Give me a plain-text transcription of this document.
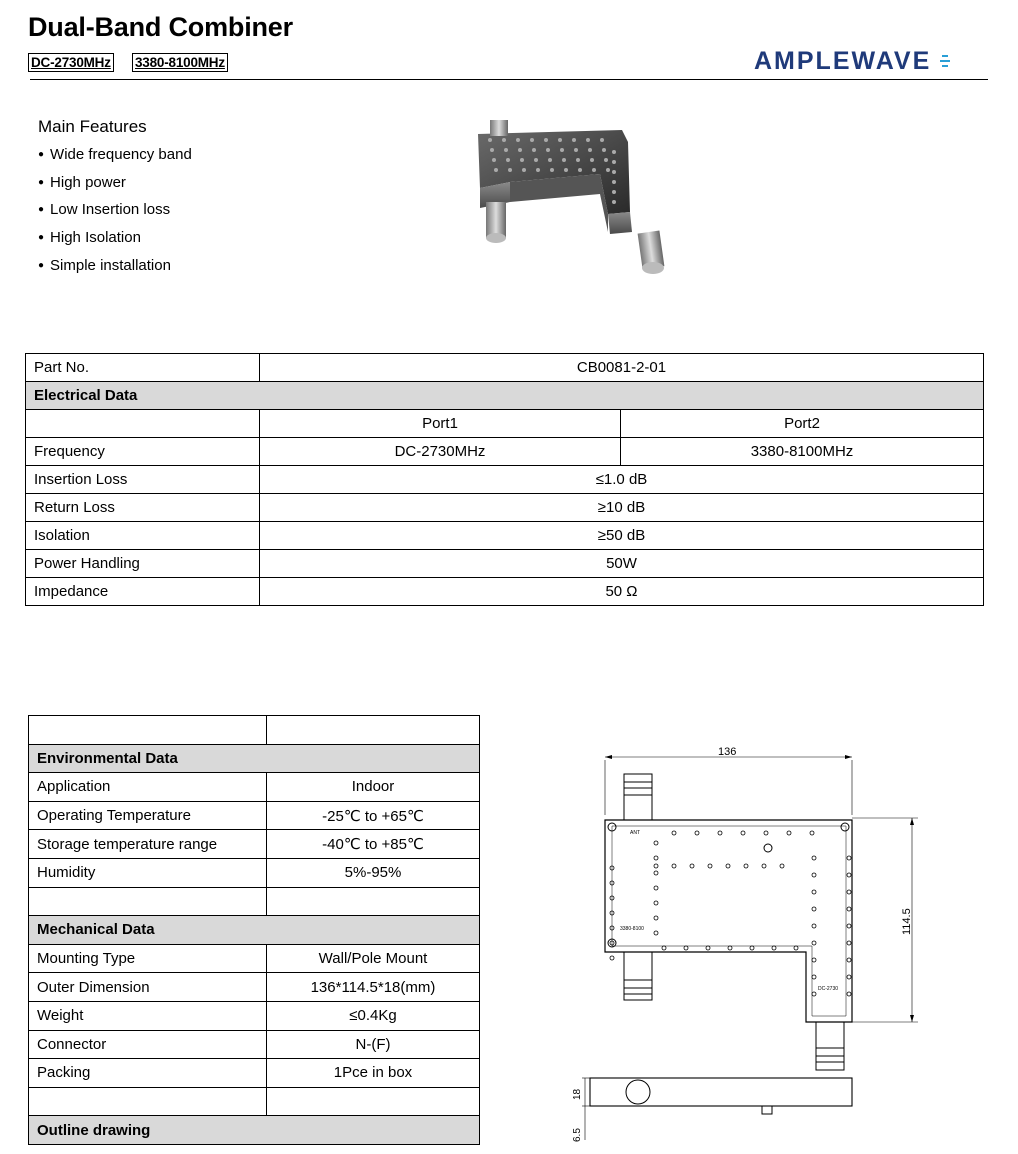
Dual-Band Combiner
DC-2730MHz 3380-8100MHz	AMPLEWAVE
Main Features
● Wide frequency band
● High power
● Low Insertion loss
● High Isolation
● Simple installation
Part No.	CB0081-2-01	
Electrical Data		
	Port1	Port2
Frequency	DC-2730MHz	3380-8100MHz
Insertion Loss	≤1.0 dB	
Return Loss	≥10 dB	
Isolation	≥50 dB	
Power Handling	50W	
Impedance	50 Ω	

Environmental Data	
Application	Indoor
Operating Temperature	-25℃ to +65℃
Storage temperature range	-40℃ to +85℃
Humidity	5%-95%

Mechanical Data	
Mounting Type	Wall/Pole Mount
Outer Dimension	136*114.5*18(mm)
Weight	≤0.4Kg
Connector	N-(F)
Packing	1Pce in box

Outline drawing	
136
114.5
ANT
3380-8100
DC-2730
18
6.5
